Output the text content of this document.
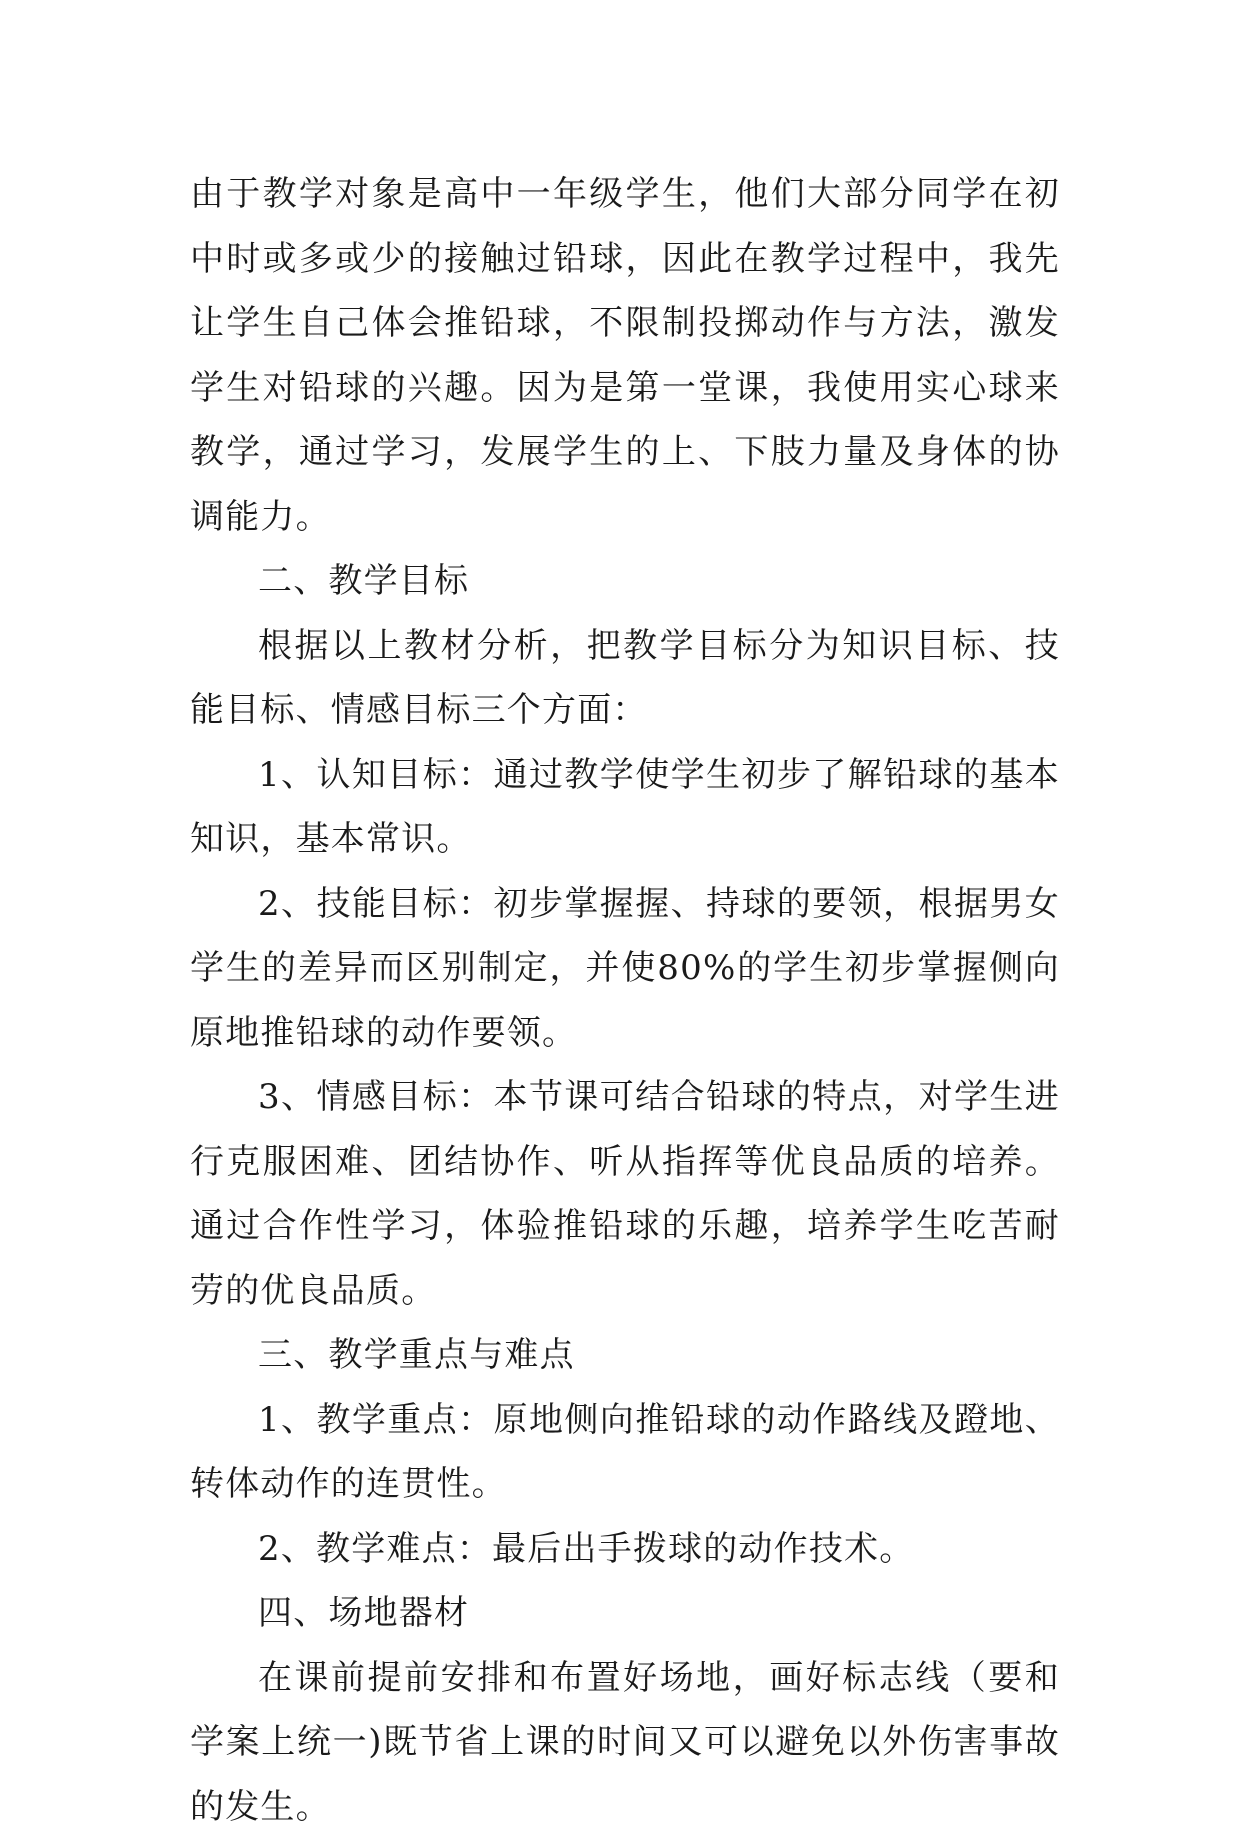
由于教学对象是高中一年级学生，他们大部分同学在初中时或多或少的接触过铅球，因此在教学过程中，我先让学生自己体会推铅球，不限制投掷动作与方法，激发学生对铅球的兴趣。因为是第一堂课，我使用实心球来教学，通过学习，发展学生的上、下肢力量及身体的协调能力。

二、教学目标

根据以上教材分析，把教学目标分为知识目标、技能目标、情感目标三个方面：

1、认知目标：通过教学使学生初步了解铅球的基本知识，基本常识。

2、技能目标：初步掌握握、持球的要领，根据男女学生的差异而区别制定，并使80%的学生初步掌握侧向原地推铅球的动作要领。

3、情感目标：本节课可结合铅球的特点，对学生进行克服困难、团结协作、听从指挥等优良品质的培养。通过合作性学习，体验推铅球的乐趣，培养学生吃苦耐劳的优良品质。

三、教学重点与难点

1、教学重点：原地侧向推铅球的动作路线及蹬地、转体动作的连贯性。

2、教学难点：最后出手拨球的动作技术。

四、场地器材

在课前提前安排和布置好场地，画好标志线（要和学案上统一)既节省上课的时间又可以避免以外伤害事故的发生。
